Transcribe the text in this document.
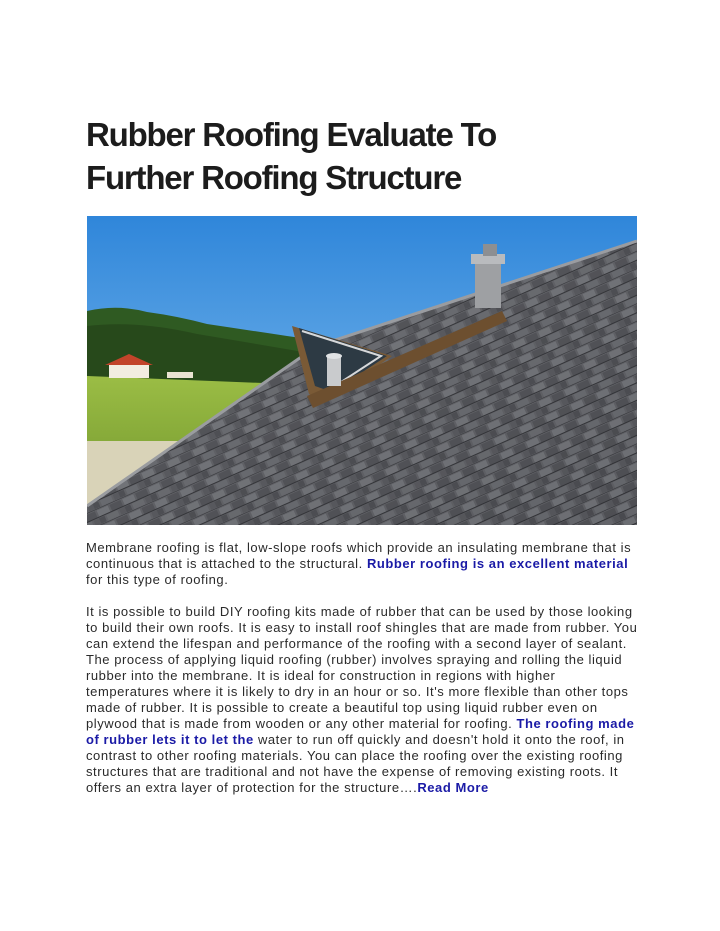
Rubber Roofing Evaluate To
Further Roofing Structure

Membrane roofing is flat, low-slope roofs which provide an insulating membrane that is continuous that is attached to the structural. Rubber roofing is an excellent material for this type of roofing.

It is possible to build DIY roofing kits made of rubber that can be used by those looking to build their own roofs. It is easy to install roof shingles that are made from rubber. You can extend the lifespan and performance of the roofing with a second layer of sealant. The process of applying liquid roofing (rubber) involves spraying and rolling the liquid rubber into the membrane. It is ideal for construction in regions with higher temperatures where it is likely to dry in an hour or so. It's more flexible than other tops made of rubber. It is possible to create a beautiful top using liquid rubber even on plywood that is made from wooden or any other material for roofing. The roofing made of rubber lets it to let the water to run off quickly and doesn't hold it onto the roof, in contrast to other roofing materials. You can place the roofing over the existing roofing structures that are traditional and not have the expense of removing existing roots. It offers an extra layer of protection for the structure….Read More
